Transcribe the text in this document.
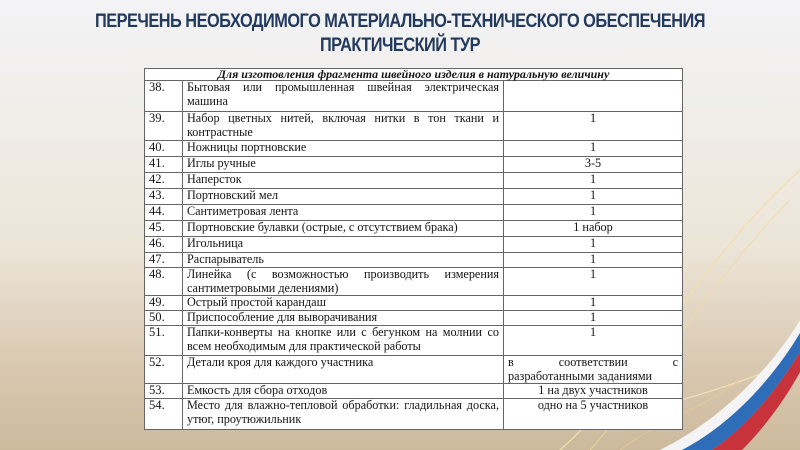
ПЕРЕЧЕНЬ НЕОБХОДИМОГО МАТЕРИАЛЬНО-ТЕХНИЧЕСКОГО ОБЕСПЕЧЕНИЯ
ПРАКТИЧЕСКИЙ ТУР
Для изготовления фрагмента швейного изделия в натуральную величину		
38.	Бытовая или промышленная швейная электрическая машина	
39.	Набор цветных нитей, включая нитки в тон ткани и контрастные	1
40.	Ножницы портновские	1
41.	Иглы ручные	3-5
42.	Наперсток	1
43.	Портновский мел	1
44.	Сантиметровая лента	1
45.	Портновские булавки (острые, с отсутствием брака)	1 набор
46.	Игольница	1
47.	Распарыватель	1
48.	Линейка (с возможностью производить измерения сантиметровыми делениями)	1
49.	Острый простой карандаш	1
50.	Приспособление для выворачивания	1
51.	Папки-конверты на кнопке или с бегунком на молнии со всем необходимым для практической работы	1
52.	Детали кроя для каждого участника	в соответствии с
разработанными заданиями

53.	Емкость для сбора отходов	1 на двух участников
54.	Место для влажно-тепловой обработки: гладильная доска, утюг, проутюжильник	одно на 5 участников
